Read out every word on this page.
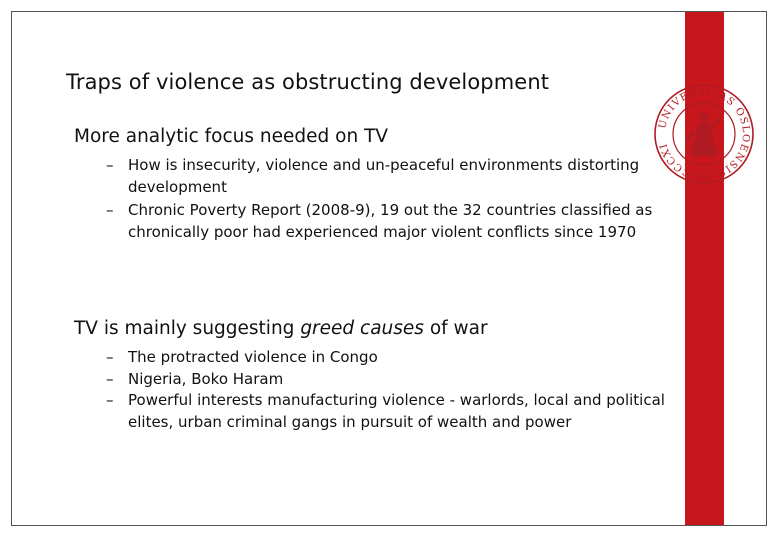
UNIVERSITAS OSLOENSIS MDCCCXI
Traps of violence as obstructing development

More analytic focus needed on TV

– How is insecurity, violence and un-peaceful environments distorting development
– Chronic Poverty Report (2008-9), 19 out the 32 countries classified as chronically poor had experienced major violent conflicts since 1970

TV is mainly suggesting greed causes of war

– The protracted violence in Congo
– Nigeria, Boko Haram
– Powerful interests manufacturing violence - warlords, local and political elites, urban criminal gangs in pursuit of wealth and power
